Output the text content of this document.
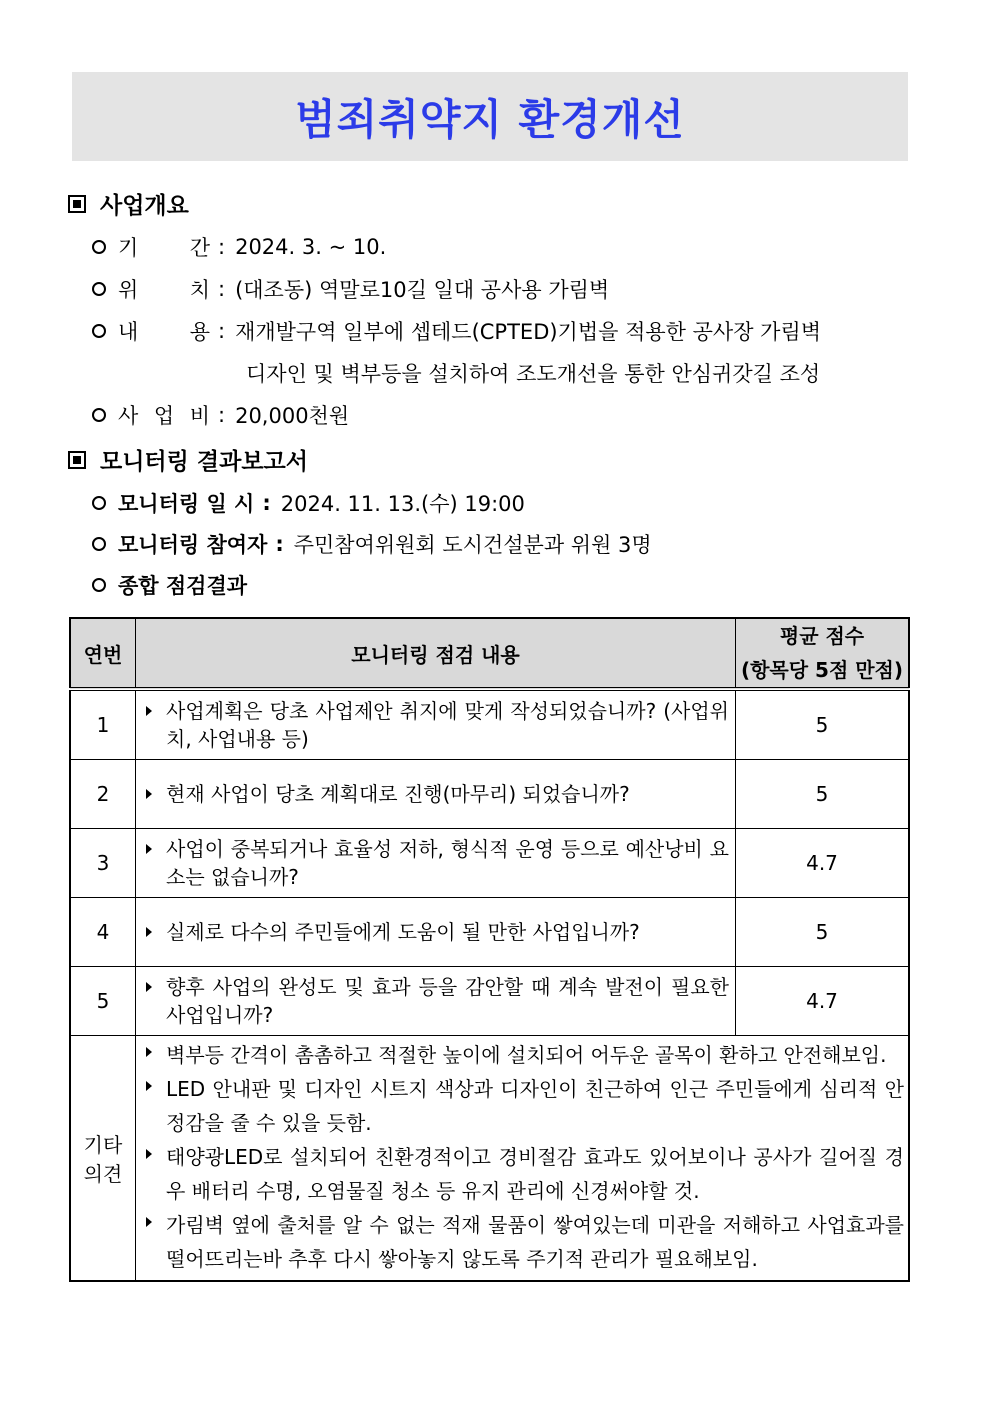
범죄취약지 환경개선
사업개요
기 간 : 2024. 3. ~ 10.
위 치 : (대조동) 역말로10길 일대 공사용 가림벽
내 용 : 재개발구역 일부에 셉테드(CPTED)기법을 적용한 공사장 가림벽
디자인 및 벽부등을 설치하여 조도개선을 통한 안심귀갓길 조성
사 업 비 : 20,000천원
모니터링 결과보고서
모니터링 일 시 : 2024. 11. 13.(수) 19:00
모니터링 참여자 : 주민참여위원회 도시건설분과 위원 3명
종합 점검결과
연번	모니터링 점검 내용	평균 점수
(항목당 5점 만점)

1	사업계획은 당초 사업제안 취지에 맞게 작성되었습니까? (사업위치, 사업내용 등)	5
2	현재 사업이 당초 계획대로 진행(마무리) 되었습니까?	5
3	사업이 중복되거나 효율성 저하, 형식적 운영 등으로 예산낭비 요소는 없습니까?	4.7
4	실제로 다수의 주민들에게 도움이 될 만한 사업입니까?	5
5	향후 사업의 완성도 및 효과 등을 감안할 때 계속 발전이 필요한 사업입니까?	4.7

기타
의견

벽부등 간격이 촘촘하고 적절한 높이에 설치되어 어두운 골목이 환하고 안전해보임.
LED 안내판 및 디자인 시트지 색상과 디자인이 친근하여 인근 주민들에게 심리적 안정감을 줄 수 있을 듯함.
태양광LED로 설치되어 친환경적이고 경비절감 효과도 있어보이나 공사가 길어질 경우 배터리 수명, 오염물질 청소 등 유지 관리에 신경써야할 것.
가림벽 옆에 출처를 알 수 없는 적재 물품이 쌓여있는데 미관을 저해하고 사업효과를 떨어뜨리는바 추후 다시 쌓아놓지 않도록 주기적 관리가 필요해보임.
